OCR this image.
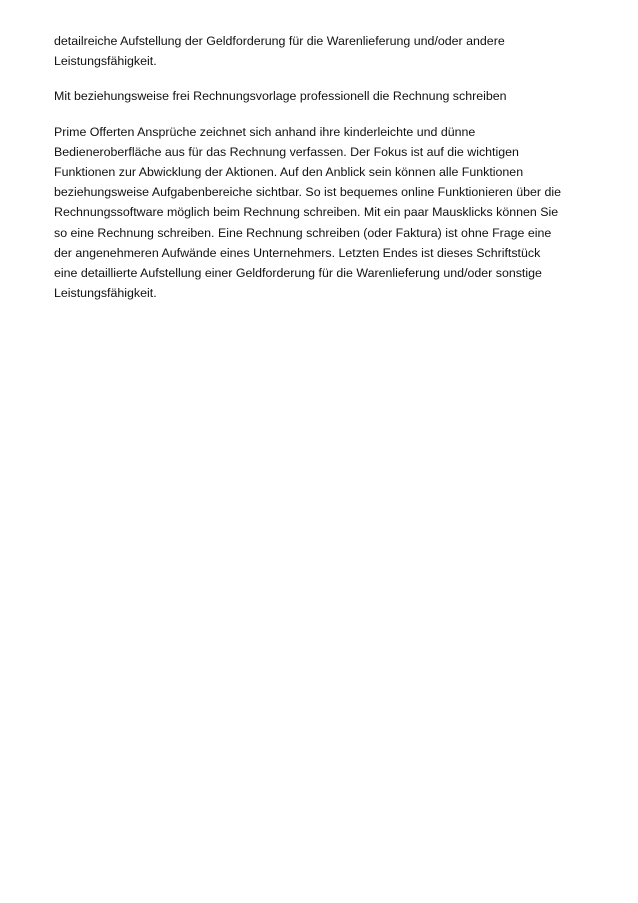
detailreiche Aufstellung der Geldforderung für die Warenlieferung und/oder andere
Leistungsfähigkeit.

Mit beziehungsweise frei Rechnungsvorlage professionell die Rechnung schreiben

Prime Offerten Ansprüche zeichnet sich anhand ihre kinderleichte und dünne
Bedieneroberfläche aus für das Rechnung verfassen. Der Fokus ist auf die wichtigen
Funktionen zur Abwicklung der Aktionen. Auf den Anblick sein können alle Funktionen
beziehungsweise Aufgabenbereiche sichtbar. So ist bequemes online Funktionieren über die
Rechnungssoftware möglich beim Rechnung schreiben. Mit ein paar Mausklicks können Sie
so eine Rechnung schreiben. Eine Rechnung schreiben (oder Faktura) ist ohne Frage eine
der angenehmeren Aufwände eines Unternehmers. Letzten Endes ist dieses Schriftstück
eine detaillierte Aufstellung einer Geldforderung für die Warenlieferung und/oder sonstige
Leistungsfähigkeit.
